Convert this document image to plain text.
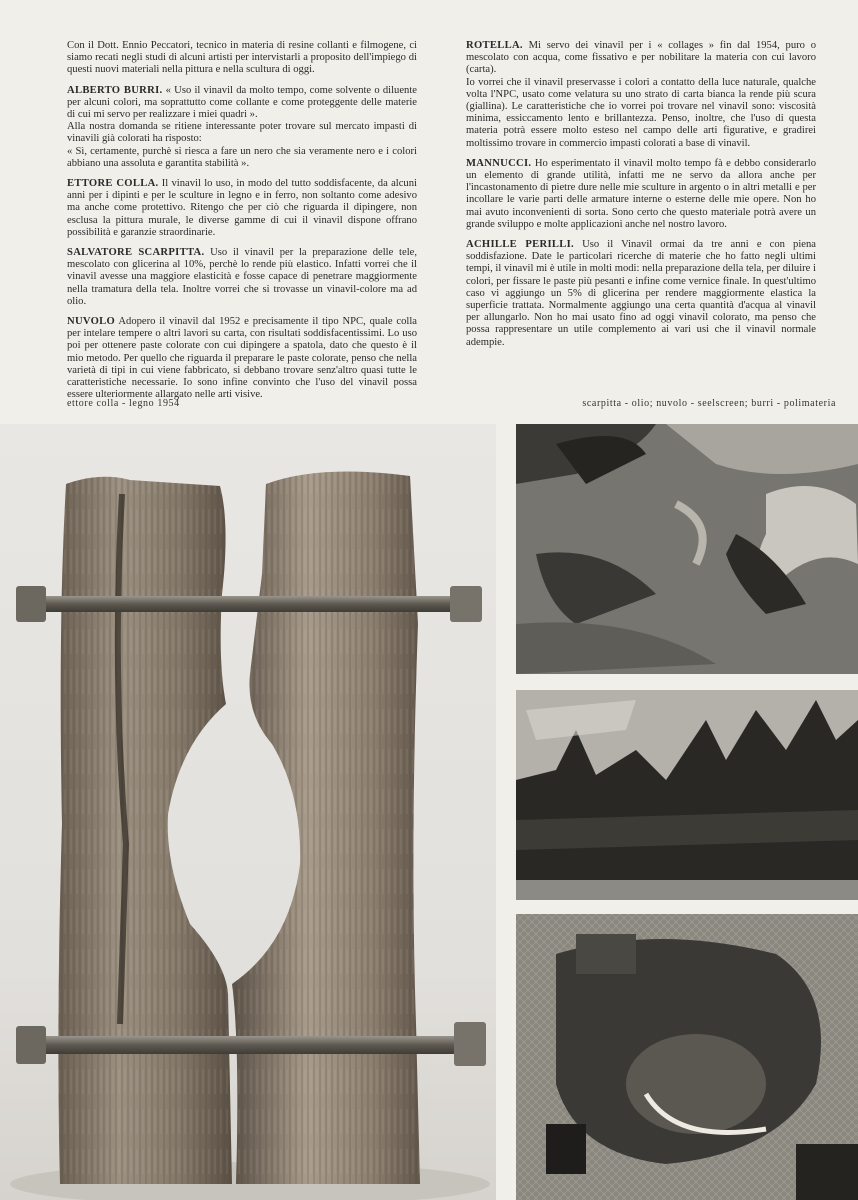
Con il Dott. Ennio Peccatori, tecnico in materia di resine collanti e filmogene, ci siamo recati negli studi di alcuni artisti per intervistarli a proposito dell'impiego di questi nuovi materiali nella pittura e nella scultura di oggi.

ALBERTO BURRI. « Uso il vinavil da molto tempo, come solvente o diluente per alcuni colori, ma soprattutto come collante e come proteggente delle materie di cui mi servo per realizzare i miei quadri ».

Alla nostra domanda se ritiene interessante poter trovare sul mercato impasti di vinavili già colorati ha risposto:

« Sì, certamente, purchè si riesca a fare un nero che sia veramente nero e i colori abbiano una assoluta e garantita stabilità ».

ETTORE COLLA. Il vinavil lo uso, in modo del tutto soddisfacente, da alcuni anni per i dipinti e per le sculture in legno e in ferro, non soltanto come adesivo ma anche come protettivo. Ritengo che per ciò che riguarda il dipingere, non esclusa la pittura murale, le diverse gamme di cui il vinavil dispone offrano possibilità e garanzie straordinarie.

SALVATORE SCARPITTA. Uso il vinavil per la preparazione delle tele, mescolato con glicerina al 10%, perchè lo rende più elastico. Infatti vorrei che il vinavil avesse una maggiore elasticità e fosse capace di penetrare maggiormente nella tramatura della tela. Inoltre vorrei che si trovasse un vinavil-colore ma ad olio.

NUVOLO Adopero il vinavil dal 1952 e precisamente il tipo NPC, quale colla per intelare tempere o altri lavori su carta, con risultati soddisfacentissimi. Lo uso poi per ottenere paste colorate con cui dipingere a spatola, dato che questo è il mio metodo. Per quello che riguarda il preparare le paste colorate, penso che nella varietà di tipi in cui viene fabbricato, si debbano trovare senz'altro quasi tutte le caratteristiche necessarie. Io sono infine convinto che l'uso del vinavil possa essere ulteriormente allargato nelle arti visive.

ROTELLA. Mi servo dei vinavil per i « collages » fin dal 1954, puro o mescolato con acqua, come fissativo e per nobilitare la materia con cui lavoro (carta).

Io vorrei che il vinavil preservasse i colori a contatto della luce naturale, qualche volta l'NPC, usato come velatura su uno strato di carta bianca la rende più scura (giallina). Le caratteristiche che io vorrei poi trovare nel vinavil sono: viscosità minima, essiccamento lento e brillantezza. Penso, inoltre, che l'uso di questa materia potrà essere molto esteso nel campo delle arti figurative, e gradirei moltissimo trovare in commercio impasti colorati a base di vinavil.

MANNUCCI. Ho esperimentato il vinavil molto tempo fà e debbo considerarlo un elemento di grande utilità, infatti me ne servo da allora anche per l'incastonamento di pietre dure nelle mie sculture in argento o in altri metalli e per incollare le varie parti delle armature interne o esterne delle mie opere. Non ho mai avuto inconvenienti di sorta. Sono certo che questo materiale potrà avere un grande sviluppo e molte applicazioni anche nel nostro lavoro.

ACHILLE PERILLI. Uso il Vinavil ormai da tre anni e con piena soddisfazione. Date le particolari ricerche di materie che ho fatto negli ultimi tempi, il vinavil mi è utile in molti modi: nella preparazione della tela, per diluire i colori, per fissare le paste più pesanti e infine come vernice finale. In quest'ultimo caso vi aggiungo un 5% di glicerina per rendere maggiormente elastica la superficie trattata. Normalmente aggiungo una certa quantità d'acqua al vinavil per allungarlo. Non ho mai usato fino ad oggi vinavil colorato, ma penso che possa rappresentare un utile complemento ai vari usi che il vinavil normale adempie.

ettore colla - legno 1954	scarpitta - olio; nuvolo - seelscreen; burri - polimateria
